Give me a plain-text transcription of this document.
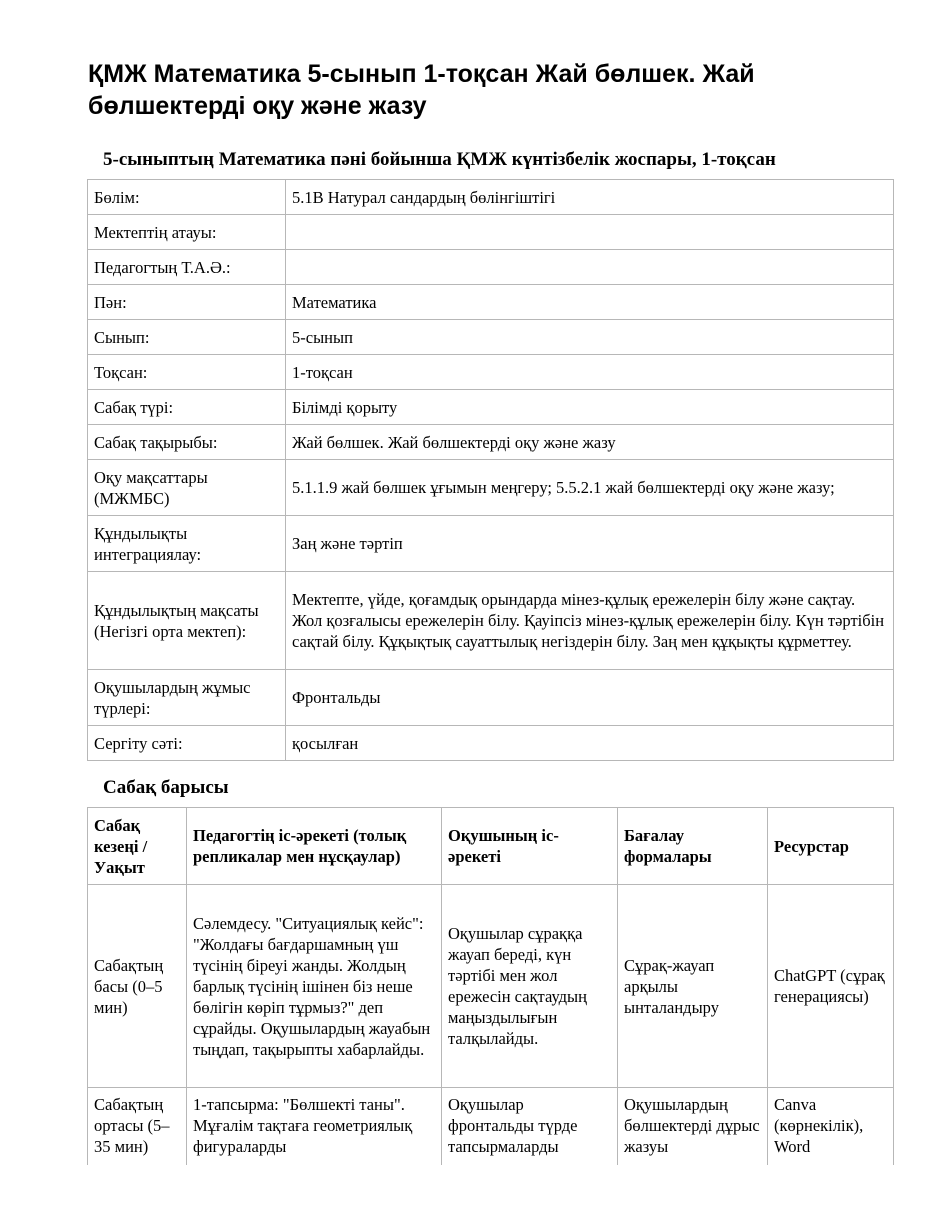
ҚМЖ Математика 5-сынып 1-тоқсан Жай бөлшек. Жай бөлшектерді оқу және жазу
5-сыныптың Математика пәні бойынша ҚМЖ күнтізбелік жоспары, 1-тоқсан
Бөлім:	5.1В Натурал сандардың бөлінгіштігі
Мектептің атауы:	
Педагогтың Т.А.Ә.:	
Пән:	Математика
Сынып:	5-сынып
Тоқсан:	1-тоқсан
Сабақ түрі:	Білімді қорыту
Сабақ тақырыбы:	Жай бөлшек. Жай бөлшектерді оқу және жазу
Оқу мақсаттары (МЖМБС)	5.1.1.9 жай бөлшек ұғымын меңгеру; 5.5.2.1 жай бөлшектерді оқу және жазу;
Құндылықты интеграциялау:	Заң және тәртіп
Құндылықтың мақсаты (Негізгі орта мектеп):	Мектепте, үйде, қоғамдық орындарда мінез-құлық ережелерін білу және сақтау. Жол қозғалысы ережелерін білу. Қауіпсіз мінез-құлық ережелерін білу. Күн тәртібін сақтай білу. Құқықтық сауаттылық негіздерін білу. Заң мен құқықты құрметтеу.
Оқушылардың жұмыс түрлері:	Фронтальды
Сергіту сәті:	қосылған
Сабақ барысы
Сабақ кезеңі / Уақыт	Педагогтің іс-әрекеті (толық репликалар мен нұсқаулар)	Оқушының іс-әрекеті	Бағалау формалары	Ресурстар
Сабақтың басы (0–5 мин)	Сәлемдесу. "Ситуациялық кейс": "Жолдағы бағдаршамның үш түсінің біреуі жанды. Жолдың барлық түсінің ішінен біз неше бөлігін көріп тұрмыз?" деп сұрайды. Оқушылардың жауабын тыңдап, тақырыпты хабарлайды.	Оқушылар сұраққа жауап береді, күн тәртібі мен жол ережесін сақтаудың маңыздылығын талқылайды.	Сұрақ-жауап арқылы ынталандыру	ChatGPT (сұрақ генерациясы)
Сабақтың ортасы (5–35 мин)	1-тапсырма: "Бөлшекті таны". Мұғалім тақтаға геометриялық фигураларды	Оқушылар фронтальды түрде тапсырмаларды	Оқушылардың бөлшектерді дұрыс жазуы	Canva (көрнекілік), Word
